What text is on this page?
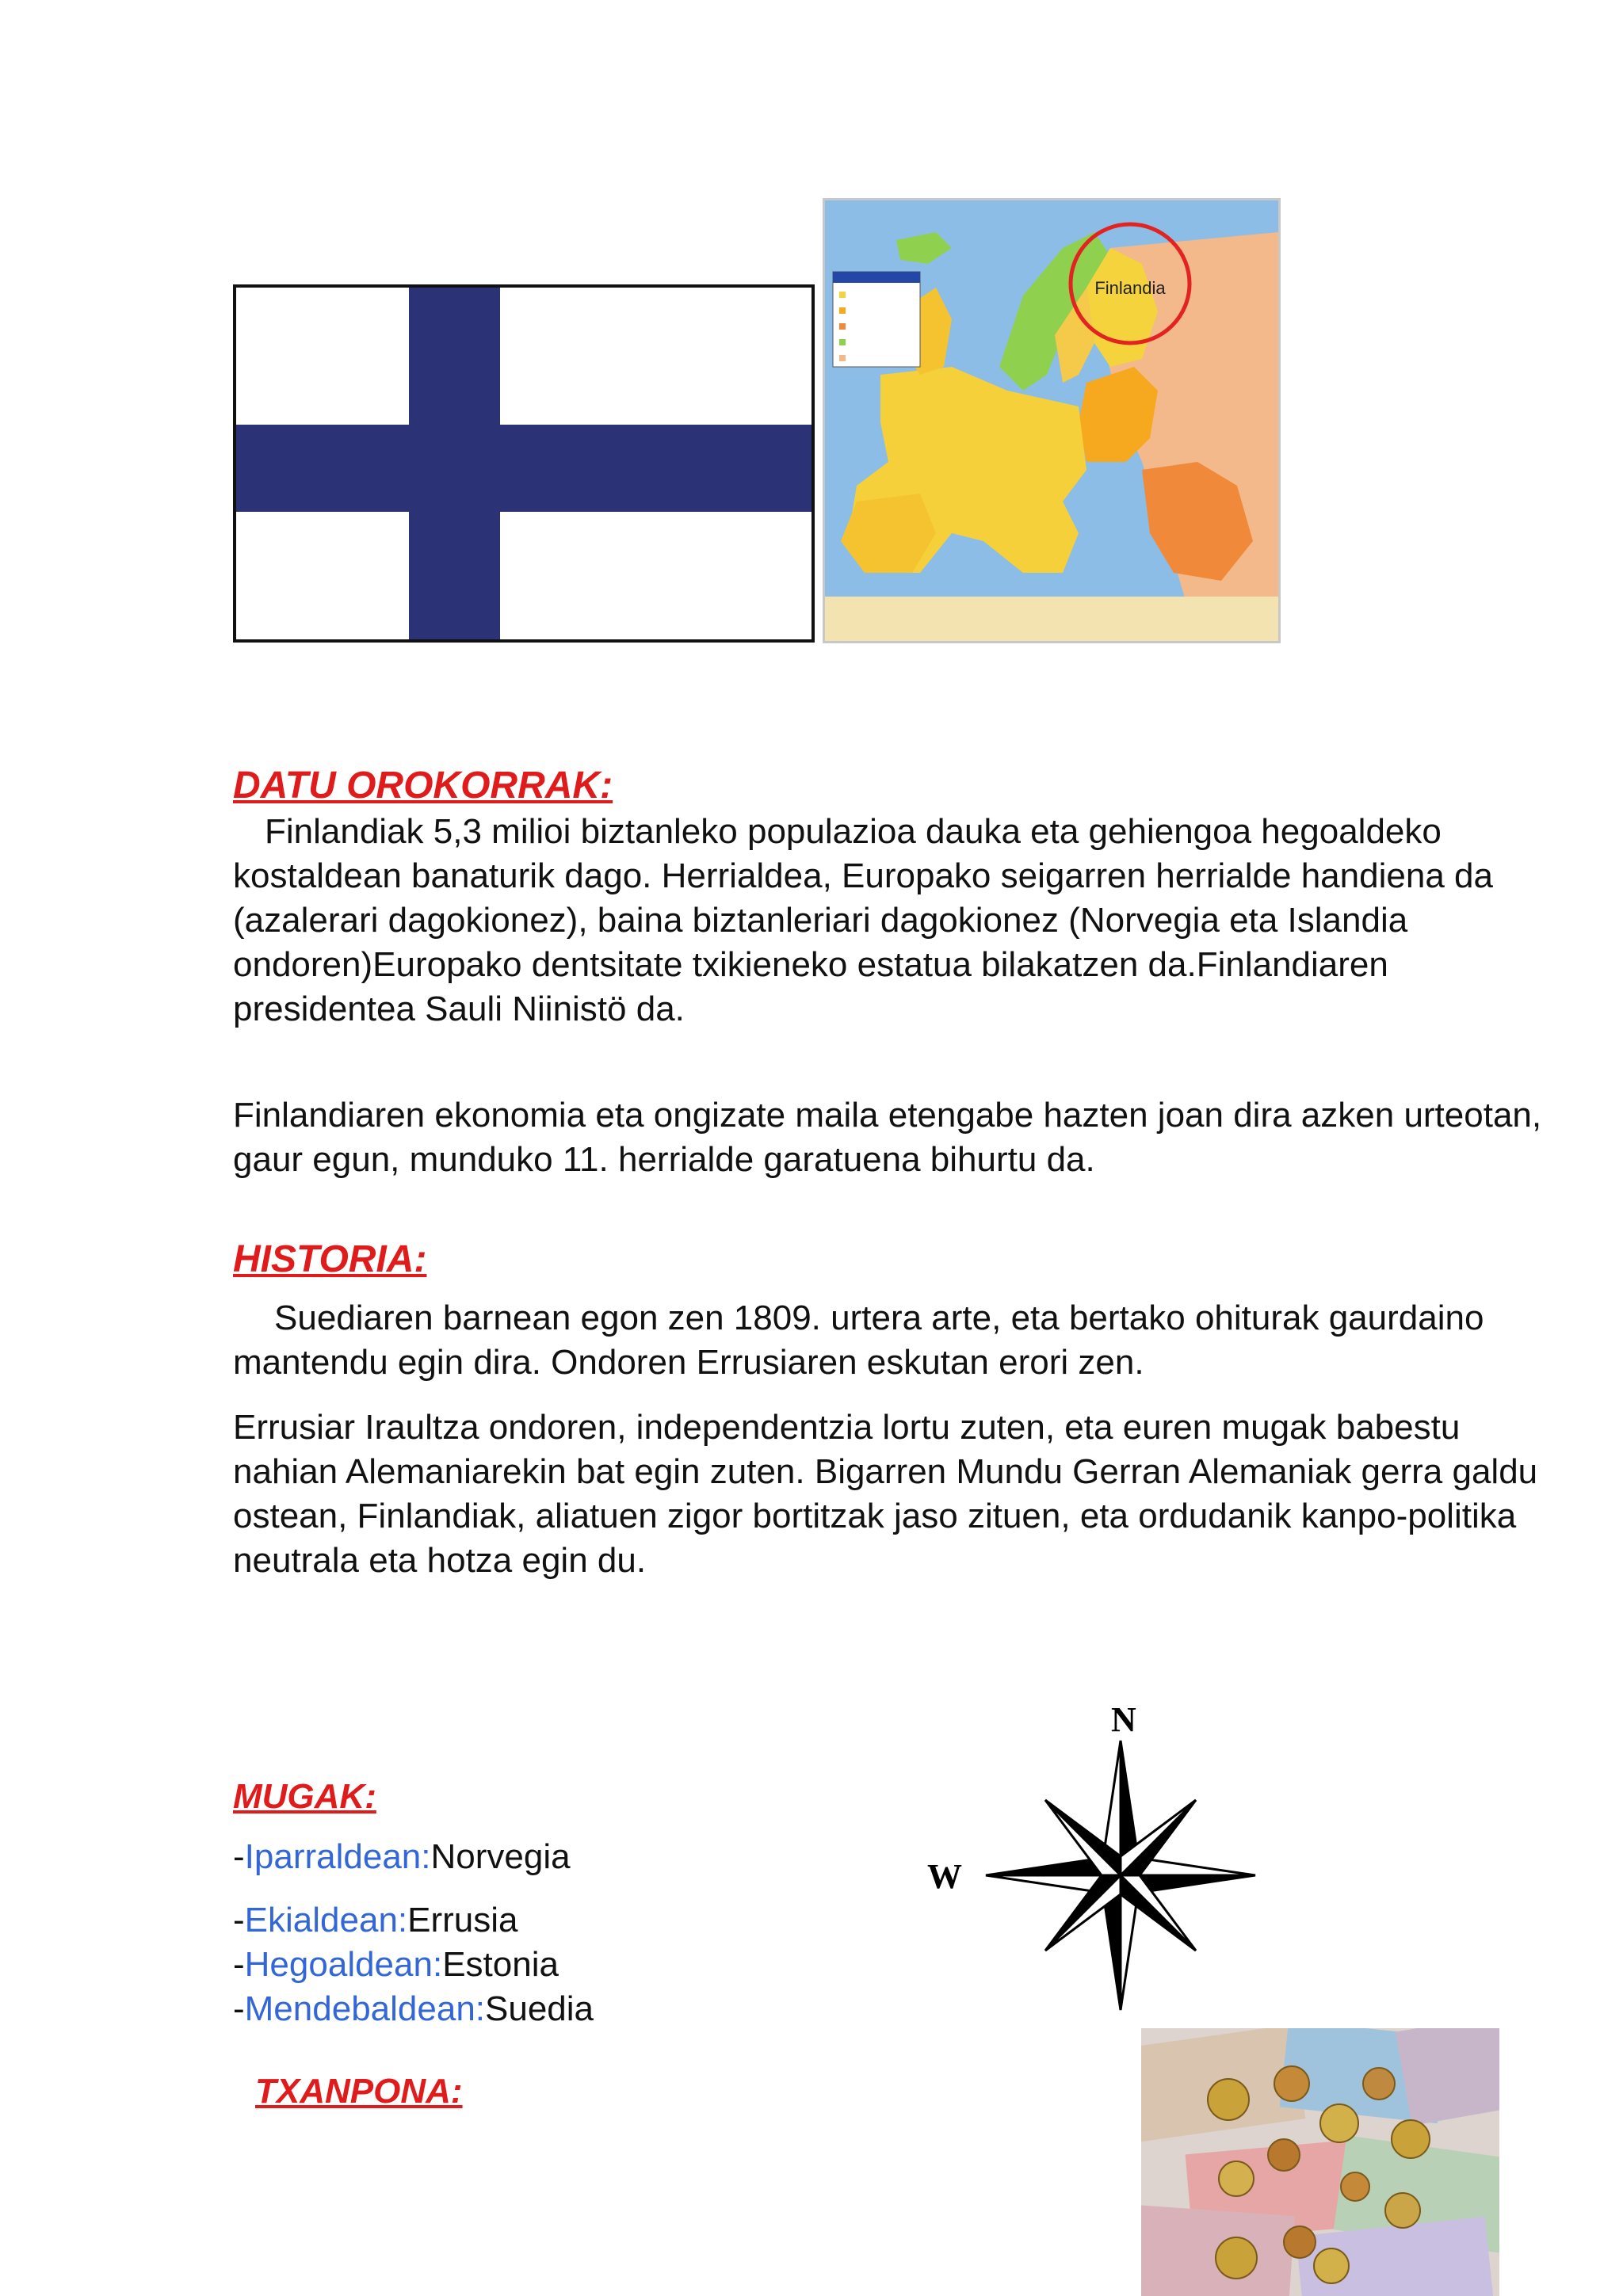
Finlandia
DATU OROKORRAK:

Finlandiak 5,3 milioi biztanleko populazioa dauka eta gehiengoa hegoaldeko kostaldean banaturik dago. Herrialdea, Europako seigarren herrialde handiena da (azalerari dagokionez), baina biztanleriari dagokionez (Norvegia eta Islandia ondoren)Europako dentsitate txikieneko estatua bilakatzen da.Finlandiaren presidentea Sauli Niinistö da.

Finlandiaren ekonomia eta ongizate maila etengabe hazten joan dira azken urteotan, gaur egun, munduko 11. herrialde garatuena bihurtu da.

HISTORIA:

Suediaren barnean egon zen 1809. urtera arte, eta bertako ohiturak gaurdaino mantendu egin dira. Ondoren Errusiaren eskutan erori zen.

Errusiar Iraultza ondoren, independentzia lortu zuten, eta euren mugak babestu nahian Alemaniarekin bat egin zuten. Bigarren Mundu Gerran Alemaniak gerra galdu ostean, Finlandiak, aliatuen zigor bortitzak jaso zituen, eta ordudanik kanpo-politika neutrala eta hotza egin du.

MUGAK:

-Iparraldean:Norvegia

-Ekialdean:Errusia

-Hegoaldean:Estonia

-Mendebaldean:Suedia

TXANPONA:
N
W
